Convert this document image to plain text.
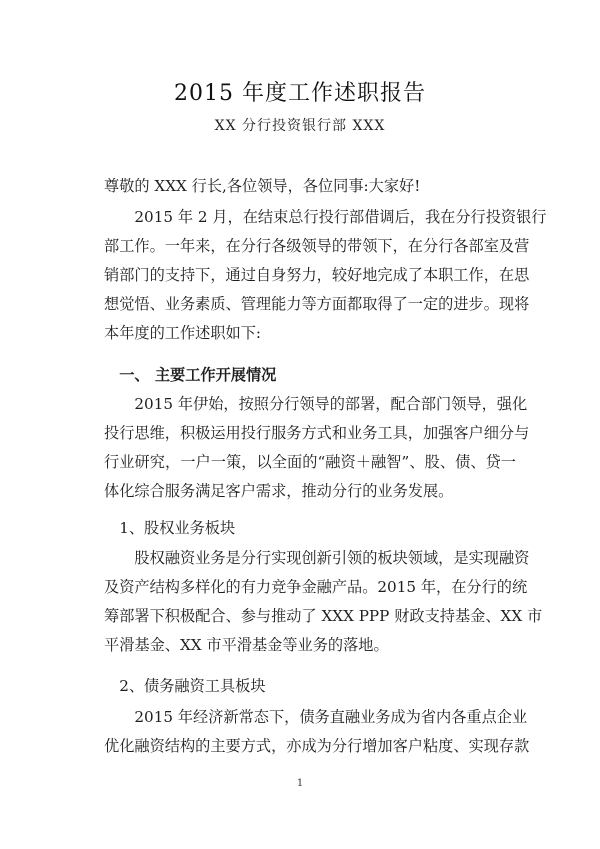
2015 年度工作述职报告
XX 分行投资银行部 XXX
尊敬的 XXX 行长,各位领导，各位同事:大家好!
2015 年 2 月，在结束总行投行部借调后，我在分行投资银行
部工作。一年来，在分行各级领导的带领下，在分行各部室及营
销部门的支持下，通过自身努力，较好地完成了本职工作，在思
想觉悟、业务素质、管理能力等方面都取得了一定的进步。现将
本年度的工作述职如下:
一、 主要工作开展情况
2015 年伊始，按照分行领导的部署，配合部门领导，强化
投行思维，积极运用投行服务方式和业务工具，加强客户细分与
行业研究，一户一策，以全面的“融资＋融智”、股、债、贷一
体化综合服务满足客户需求，推动分行的业务发展。
1、股权业务板块
股权融资业务是分行实现创新引领的板块领域，是实现融资
及资产结构多样化的有力竞争金融产品。2015 年，在分行的统
筹部署下积极配合、参与推动了 XXX PPP 财政支持基金、XX 市
平滑基金、XX 市平滑基金等业务的落地。
2、债务融资工具板块
2015 年经济新常态下，债务直融业务成为省内各重点企业
优化融资结构的主要方式，亦成为分行增加客户粘度、实现存款
1
